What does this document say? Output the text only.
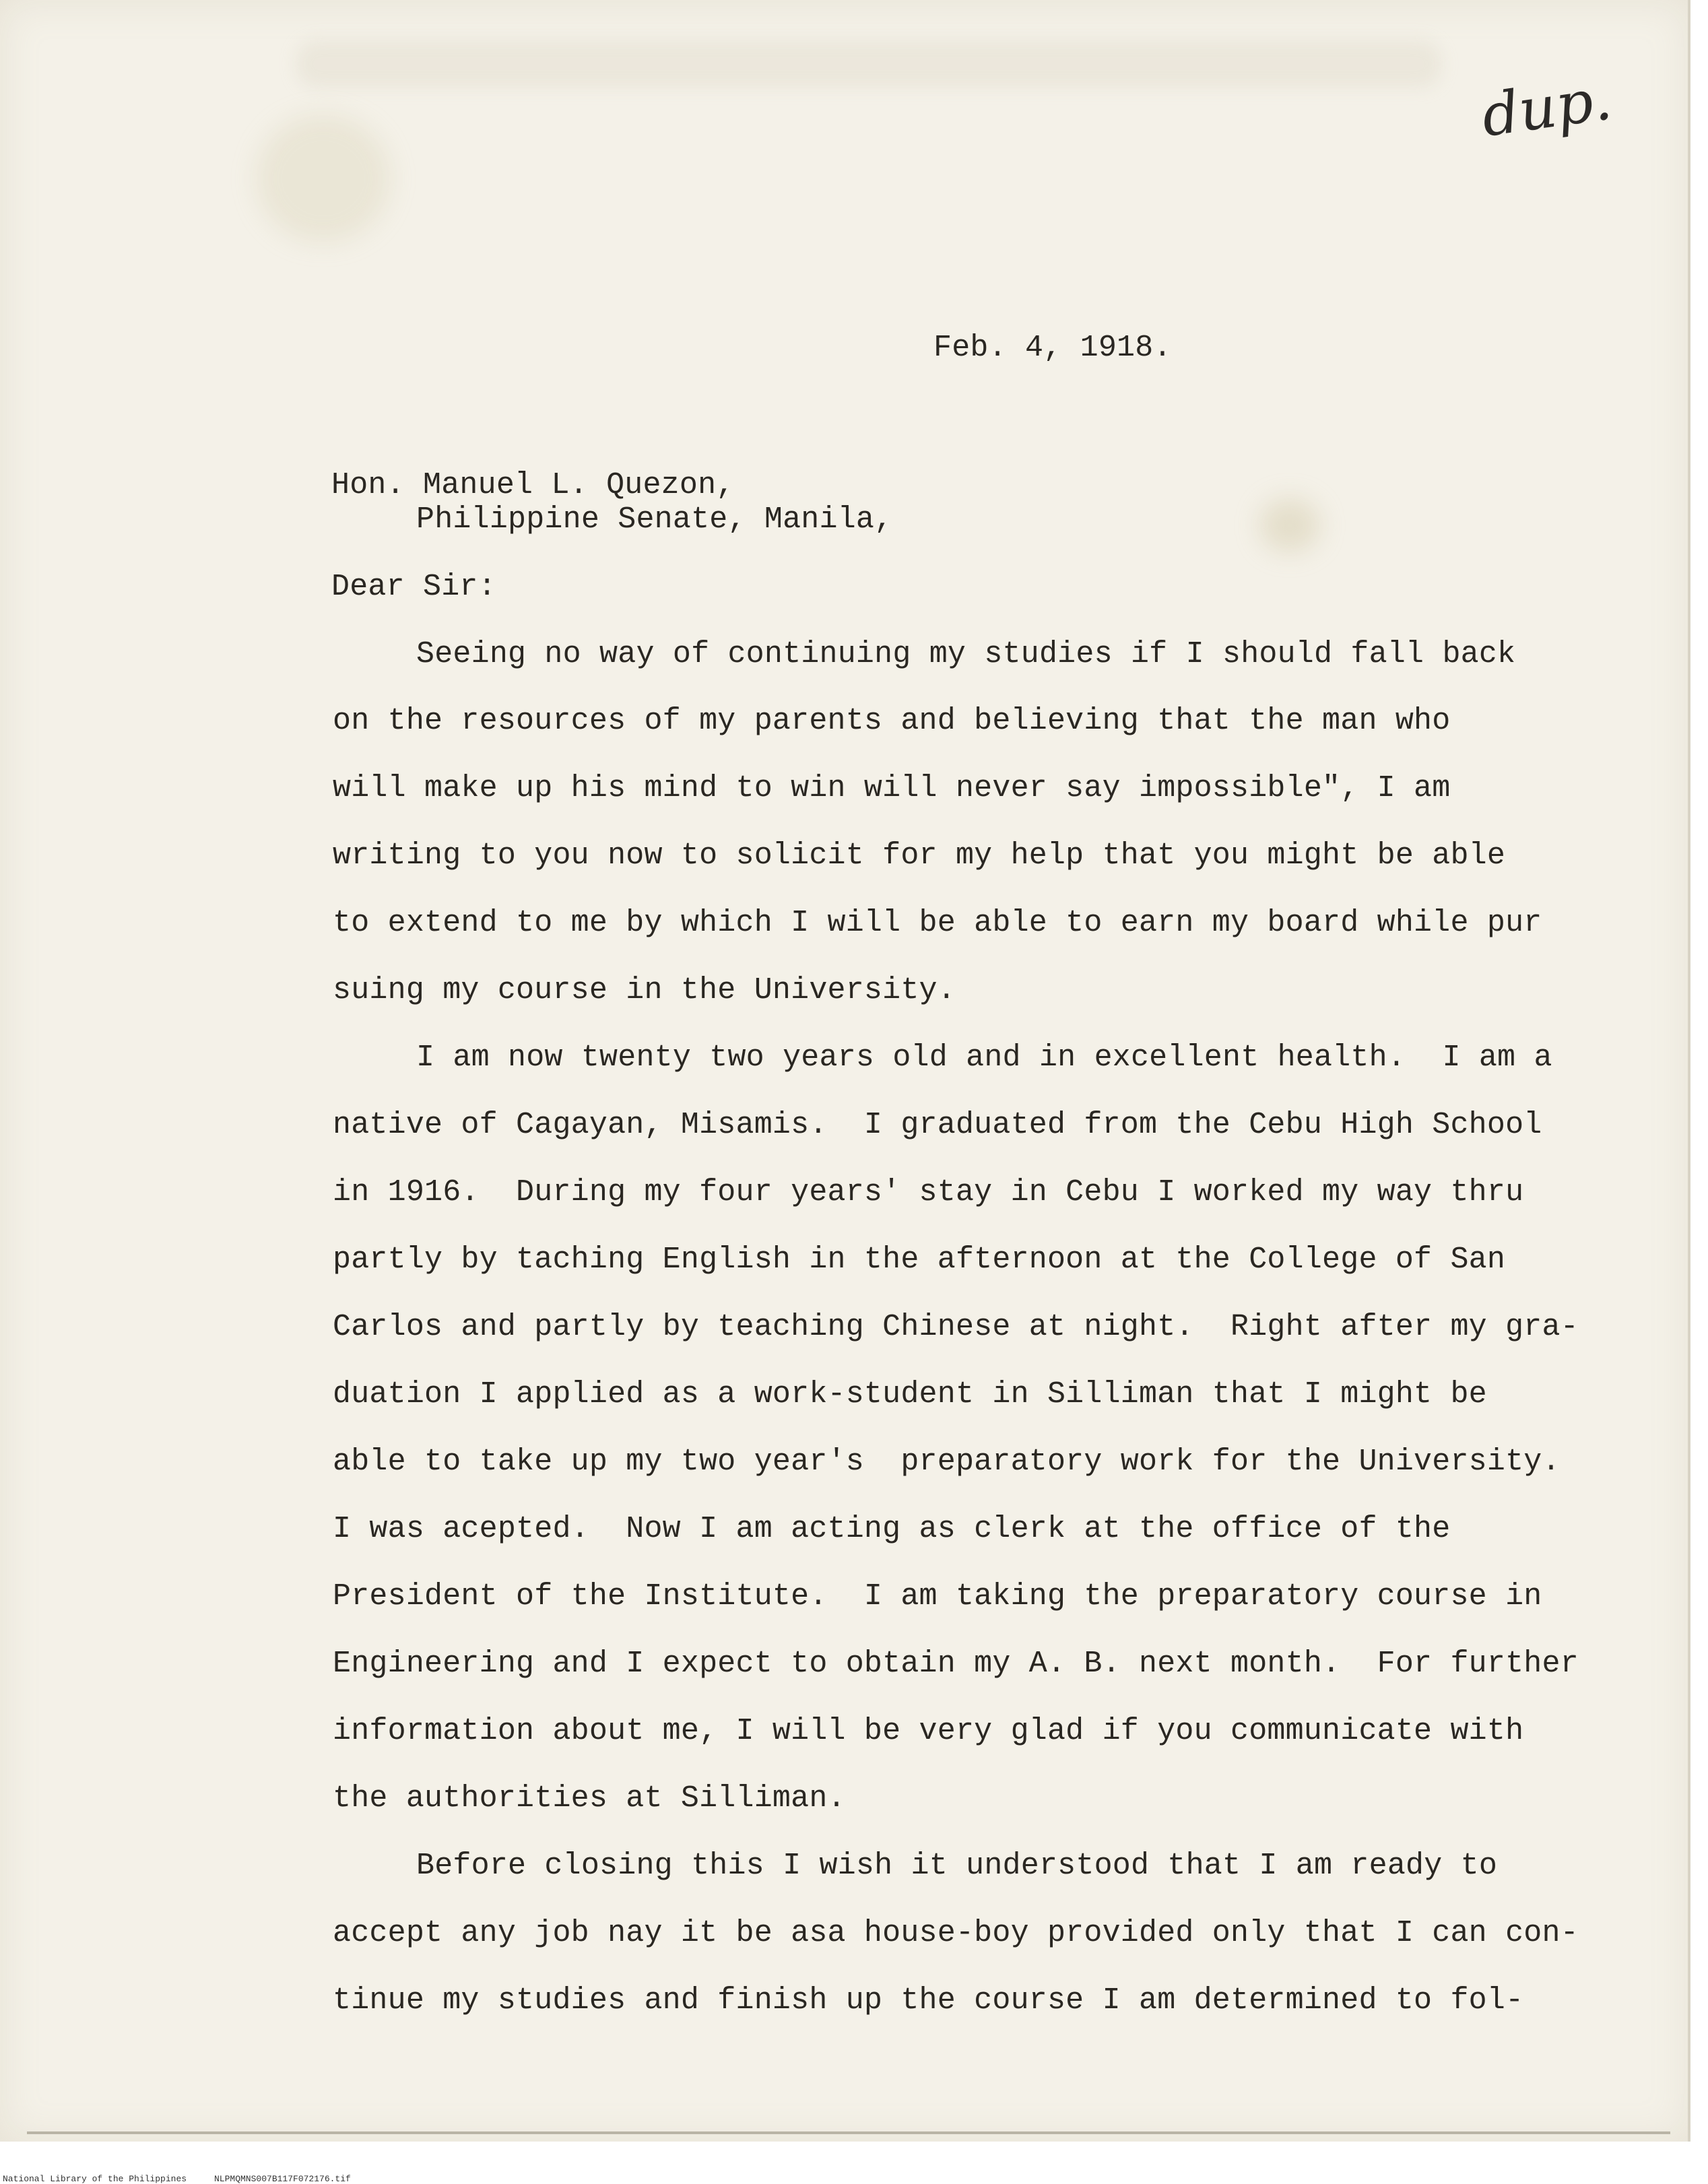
dup.
Feb. 4, 1918.
Hon. Manuel L. Quezon,
Philippine Senate, Manila,
Dear Sir:
Seeing no way of continuing my studies if I should fall back
on the resources of my parents and believing that the man who
will make up his mind to win will never say impossible", I am
writing to you now to solicit for my help that you might be able
to extend to me by which I will be able to earn my board while pur
suing my course in the University.
I am now twenty two years old and in excellent health.  I am a
native of Cagayan, Misamis.  I graduated from the Cebu High School
in 1916.  During my four years' stay in Cebu I worked my way thru
partly by taching English in the afternoon at the College of San
Carlos and partly by teaching Chinese at night.  Right after my gra-
duation I applied as a work-student in Silliman that I might be
able to take up my two year's  preparatory work for the University.
I was acepted.  Now I am acting as clerk at the office of the
President of the Institute.  I am taking the preparatory course in
Engineering and I expect to obtain my A. B. next month.  For further
information about me, I will be very glad if you communicate with
the authorities at Silliman.
Before closing this I wish it understood that I am ready to
accept any job nay it be asa house-boy provided only that I can con-
tinue my studies and finish up the course I am determined to fol-
National Library of the Philippines	NLPMQMNS007B117F072176.tif
